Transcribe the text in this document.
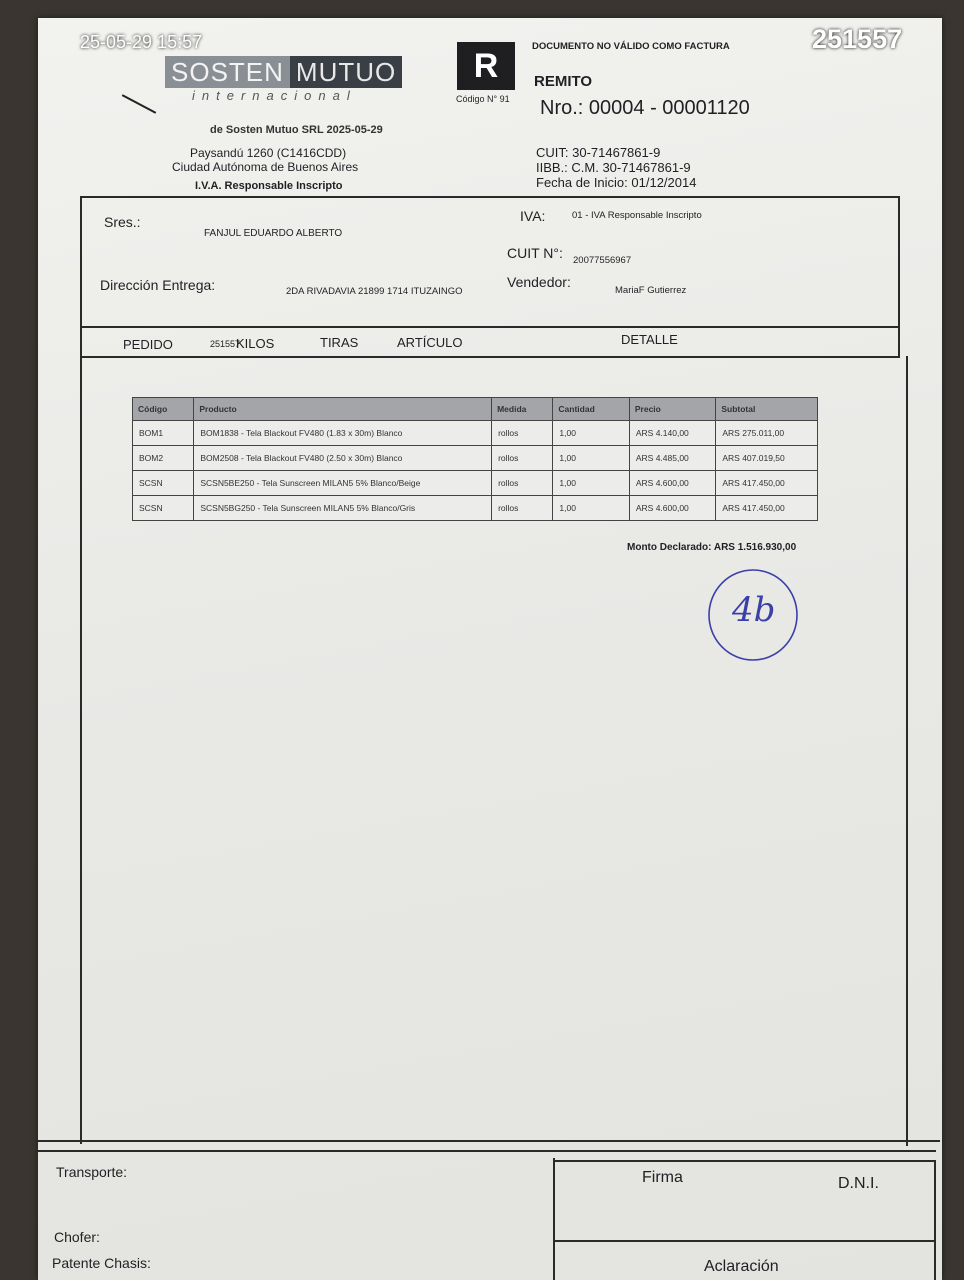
25-05-29 15:57	251557
SOSTEN MUTUO
internacional
R
Código N° 91
DOCUMENTO NO VÁLIDO COMO FACTURA
REMITO
Nro.: 00004 - 00001120
de Sosten Mutuo SRL 2025-05-29
Paysandú 1260 (C1416CDD)
Ciudad Autónoma de Buenos Aires
I.V.A. Responsable Inscripto
CUIT: 30-71467861-9
IIBB.: C.M. 30-71467861-9
Fecha de Inicio: 01/12/2014
Sres.:
FANJUL EDUARDO ALBERTO
IVA:	01 - IVA Responsable Inscripto
CUIT N°: 20077556967
Dirección Entrega:	2DA RIVADAVIA 21899 1714 ITUZAINGO
Vendedor:
MariaF Gutierrez
PEDIDO	251557
KILOS	TIRAS	ARTÍCULO	DETALLE
Código	Producto	Medida	Cantidad	Precio	Subtotal
BOM1	BOM1838 - Tela Blackout FV480 (1.83 x 30m) Blanco	rollos	1,00	ARS 4.140,00	ARS 275.011,00
BOM2	BOM2508 - Tela Blackout FV480 (2.50 x 30m) Blanco	rollos	1,00	ARS 4.485,00	ARS 407.019,50
SCSN	SCSN5BE250 - Tela Sunscreen MILAN5 5% Blanco/Beige	rollos	1,00	ARS 4.600,00	ARS 417.450,00
SCSN	SCSN5BG250 - Tela Sunscreen MILAN5 5% Blanco/Gris	rollos	1,00	ARS 4.600,00	ARS 417.450,00
Monto Declarado: ARS 1.516.930,00
4b
Transporte:
Chofer:
Patente Chasis:
Firma	D.N.I.
Aclaración
